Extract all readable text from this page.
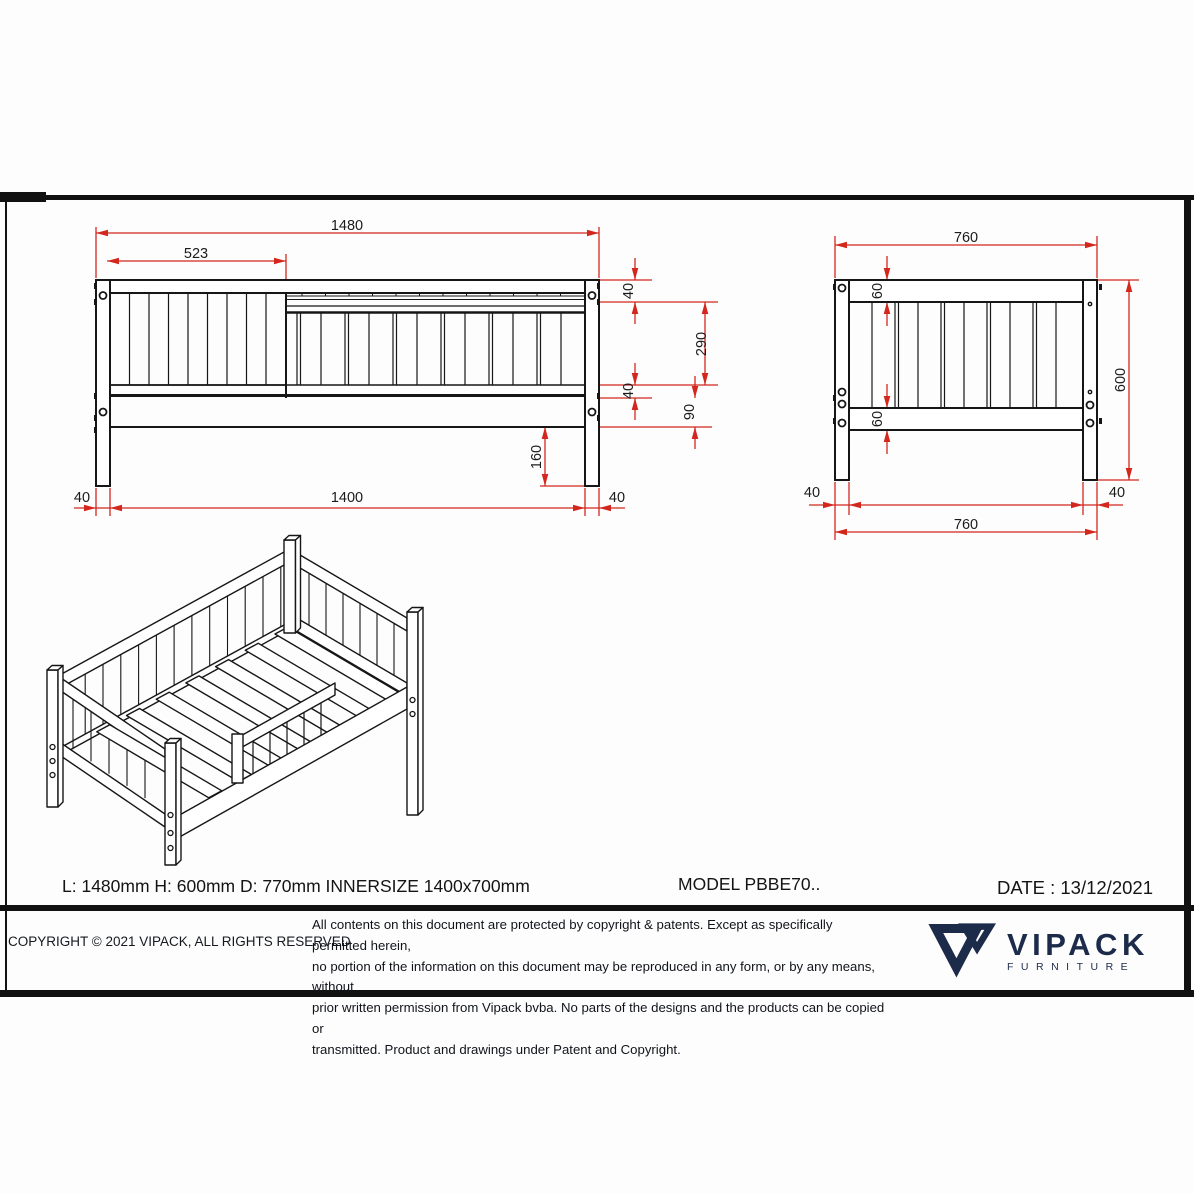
1480
523
40
290
40
90
160
40	1400	40
760
60
60
600
40	40
760
L: 1480mm H: 600mm D: 770mm INNERSIZE 1400x700mm	MODEL PBBE70..	DATE : 13/12/2021
COPYRIGHT © 2021 VIPACK, ALL RIGHTS RESERVED
All contents on this document are protected by copyright & patents. Except as specifically permitted herein,
no portion of the information on this document may be reproduced in any form, or by any means, without
prior written permission from Vipack bvba. No parts of the designs and the products can be copied or
transmitted. Product and drawings under Patent and Copyright.
VIPACK
FURNITURE
